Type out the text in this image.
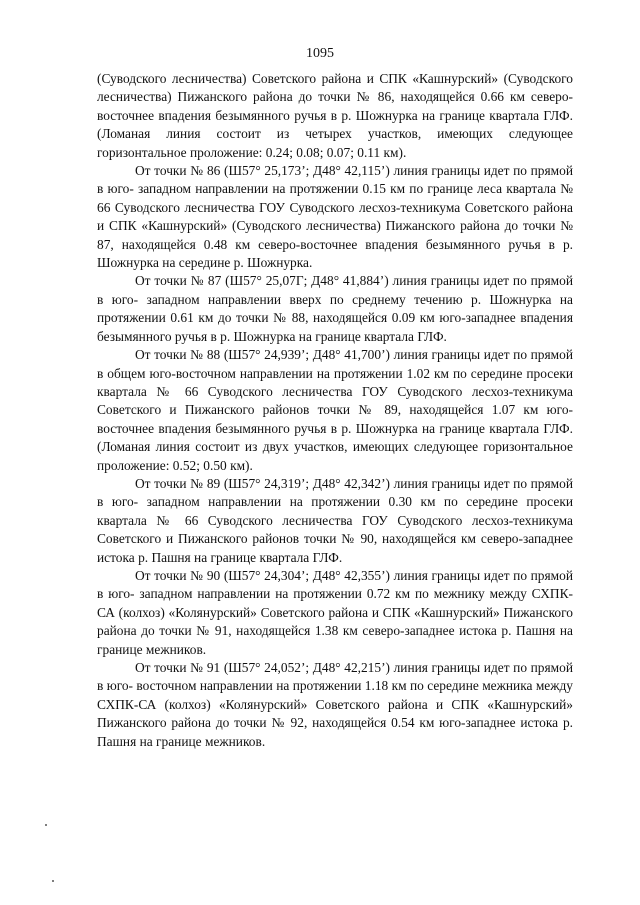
1095

(Суводского лесничества) Советского района и СПК «Кашнурский» (Суводского лесничества) Пижанского района до точки № 86, находящейся 0.66 км северо-восточнее впадения безымянного ручья в р. Шожнурка на границе квартала ГЛФ. (Ломаная линия состоит из четырех участков, имеющих следующее горизонтальное проложение: 0.24; 0.08; 0.07; 0.11 км).

От точки № 86 (Ш57° 25,173’; Д48° 42,115’) линия границы идет по прямой в юго- западном направлении на протяжении 0.15 км по границе леса квартала № 66 Суводского лесничества ГОУ Суводского лесхоз-техникума Советского района и СПК «Кашнурский» (Суводского лесничества) Пижанского района до точки № 87, находящейся 0.48 км северо-восточнее впадения безымянного ручья в р. Шожнурка на середине р. Шожнурка.

От точки № 87 (Ш57° 25,07Г; Д48° 41,884’) линия границы идет по прямой в юго- западном направлении вверх по среднему течению р. Шожнурка на протяжении 0.61 км до точки № 88, находящейся 0.09 км юго-западнее впадения безымянного ручья в р. Шожнурка на границе квартала ГЛФ.

От точки № 88 (Ш57° 24,939’; Д48° 41,700’) линия границы идет по прямой в общем юго-восточном направлении на протяжении 1.02 км по середине просеки квартала № 66 Суводского лесничества ГОУ Суводского лесхоз-техникума Советского и Пижанского районов точки № 89, находящейся 1.07 км юго-восточнее впадения безымянного ручья в р. Шожнурка на границе квартала ГЛФ. (Ломаная линия состоит из двух участков, имеющих следующее горизонтальное проложение: 0.52; 0.50 км).

От точки № 89 (Ш57° 24,319’; Д48° 42,342’) линия границы идет по прямой в юго- западном направлении на протяжении 0.30 км по середине просеки квартала № 66 Суводского лесничества ГОУ Суводского лесхоз-техникума Советского и Пижанского районов точки № 90, находящейся км северо-западнее истока р. Пашня на границе квартала ГЛФ.

От точки № 90 (Ш57° 24,304’; Д48° 42,355’) линия границы идет по прямой в юго- западном направлении на протяжении 0.72 км по межнику между СХПК-СА (колхоз) «Колянурский» Советского района и СПК «Кашнурский» Пижанского района до точки № 91, находящейся 1.38 км северо-западнее истока р. Пашня на границе межников.

От точки № 91 (Ш57° 24,052’; Д48° 42,215’) линия границы идет по прямой в юго- восточном направлении на протяжении 1.18 км по середине межника между СХПК-СА (колхоз) «Колянурский» Советского района и СПК «Кашнурский» Пижанского района до точки № 92, находящейся 0.54 км юго-западнее истока р. Пашня на границе межников.
